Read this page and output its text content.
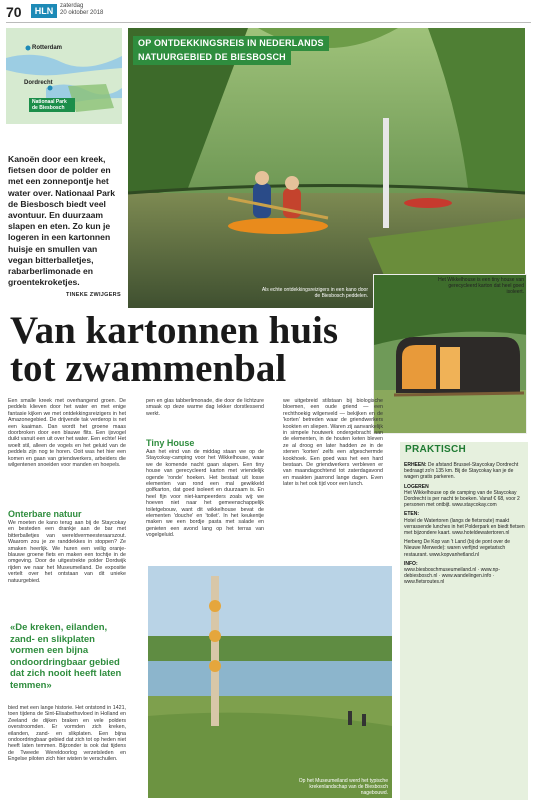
70	HLN	zaterdag
20 oktober 2018
Rotterdam
Dordrecht
Nationaal Park de Biesbosch
OP ONTDEKKINGSREIS IN NEDERLANDS
NATUURGEBIED DE BIESBOSCH
Als echte ontdekkingsreizigers in een kano door de Biesbosch peddelen.
Kanoën door een kreek, fietsen door de polder en met een zonnepontje het water over. Nationaal Park de Biesbosch biedt veel avontuur. En duurzaam slapen en eten. Zo kun je logeren in een kartonnen huisje en smullen van vegan bitterballetjes, rabarberlimonade en groentekroketjes.
TINEKE ZWIJGERS
Van kartonnen huis tot zwammenbal
Het Wikkelhouse is een tiny house van gerecycleerd karton dat heel goed isoleert.
Een smalle kreek met overhangend groen. De peddels klieven door het water en met enige fantasie kijken we met ontdekkingsreizigers in het Amazonegebied. De drijvende tak verderop is net een kaaiman. Dan wordt het groene maas doorbroken door een blauwe flits. Een ijsvogel duikt vanuit een uit over het water. Een echte! Het woelt stil, alleen de vogels en het geluid van de peddels zijn nog te horen. Ooit was het hier een komen en gaan van griendwerkers, arbeiders die wilgentenen snoeiden voor manden en hoepels.
Onterbare natuur
We moeten de kano terug aan bij de Staycokay en besteden een drankje aan de bar met bitterballetjes van wereldvermeesteraarszout. Waarom zou je ze randdekkes in stoppen? Ze smaken heerlijk. We huren een veilig oranje-blauwe groene fiets en maken een tochtje in de omgeving. Door de uitgestrekte polder Dordwijk rijden we naar het Museumeiland. De expositie vertelt over het ontstaan van dit unieke natuurgebied.
«De kreken, eilanden, zand- en slikplaten vormen een bijna ondoordringbaar gebied dat zich nooit heeft laten temmen»
bied met een lange historie. Het ontstond in 1421, toen tijdens de Sint-Elisabethsvloed in Holland en Zeeland de dijken braken en vele polders overstroomden. Er vormden zich kreken, eilanden, zand- en slikplaten. Een bijna ondoordringbaar gebied dat zich tot op heden niet heeft laten temmen. Bijzonder is ook dat tijdens de Tweede Wereldoorlog verzetsleden en Engelse piloten zich hier wisten te verschuilen.
pen en glas tabberlimonade, die door de lichtzure smaak op deze warme dag lekker dorstlessend werkt.
Tiny House
Aan het eind van de middag staan we op de Staycokay-camping voor het Wikkelhouse, waar we de komende nacht gaan slapen. Een tiny house van gerecycleerd karton met vriendelijk ogende 'ronde' hoeken. Het bestaat uit losse elementen van rond een mal gewikkeld golfkarton, dat goed isoleert en duurzaam is. En heel fijn voor niet-kampeerders zoals wij: we hoeven niet naar het gemeenschappelijk toiletgebouw, want dit wikkelhouse bevat de elementen 'douche' en 'toilet'. In het keukentje maken we een bordje pasta met salade en genieten een avond lang op het terras van vogelgeluid.
we uitgebreid stilstaan bij biologische bloemen, een oude griend — een rechthoekig wilgenveld — bekijken en de 'korten' betreden waar de griendwerkers kookten en sliepen. Waren zij aanvankelijk in simpele houtwerk ondergebracht aan de elementen, in de houten keten bleven ze al droog en later hadden ze in de stenen 'korten' zelfs een afgeschermde kookhoek. Een goed was het een hard bestaan. De griendwerkers verbleven er van maandagochtend tot zaterdagavond en maakten jaarrond lange dagen. Even later is het ook tijd voor een lunch.
PRAKTISCH

ERHEEN: De afstand Brussel-Staycokay Dordrecht bedraagt zo'n 135 km. Bij de Staycokay kan je de wagen gratis parkeren.

LOGEREN

Het Wikkelhouse op de camping van de Staycokay Dordrecht is per nacht te boeken. Vanaf € 68, voor 2 personen met ontbijt. www.staycokay.com

ETEN:

Hotel de Watertoren (langs de fietsroute) maakt verrassende lunches in het Polderpark en biedt fietsen met bijzondere kaart. www.hoteldewatertoren.nl

Herberg De Kop van 't Land (bij de pont over de Nieuwe Merwede): waren verfijnd vegetarisch restaurant. www.kopvanhetland.nl

INFO:

www.biesboschmuseumeiland.nl · www.np-debiesbosch.nl · www.wandelingen.info · www.fietsroutes.nl

Op het Museumeiland werd het typische krekenlandschap van de Biesbosch nagebouwd.
